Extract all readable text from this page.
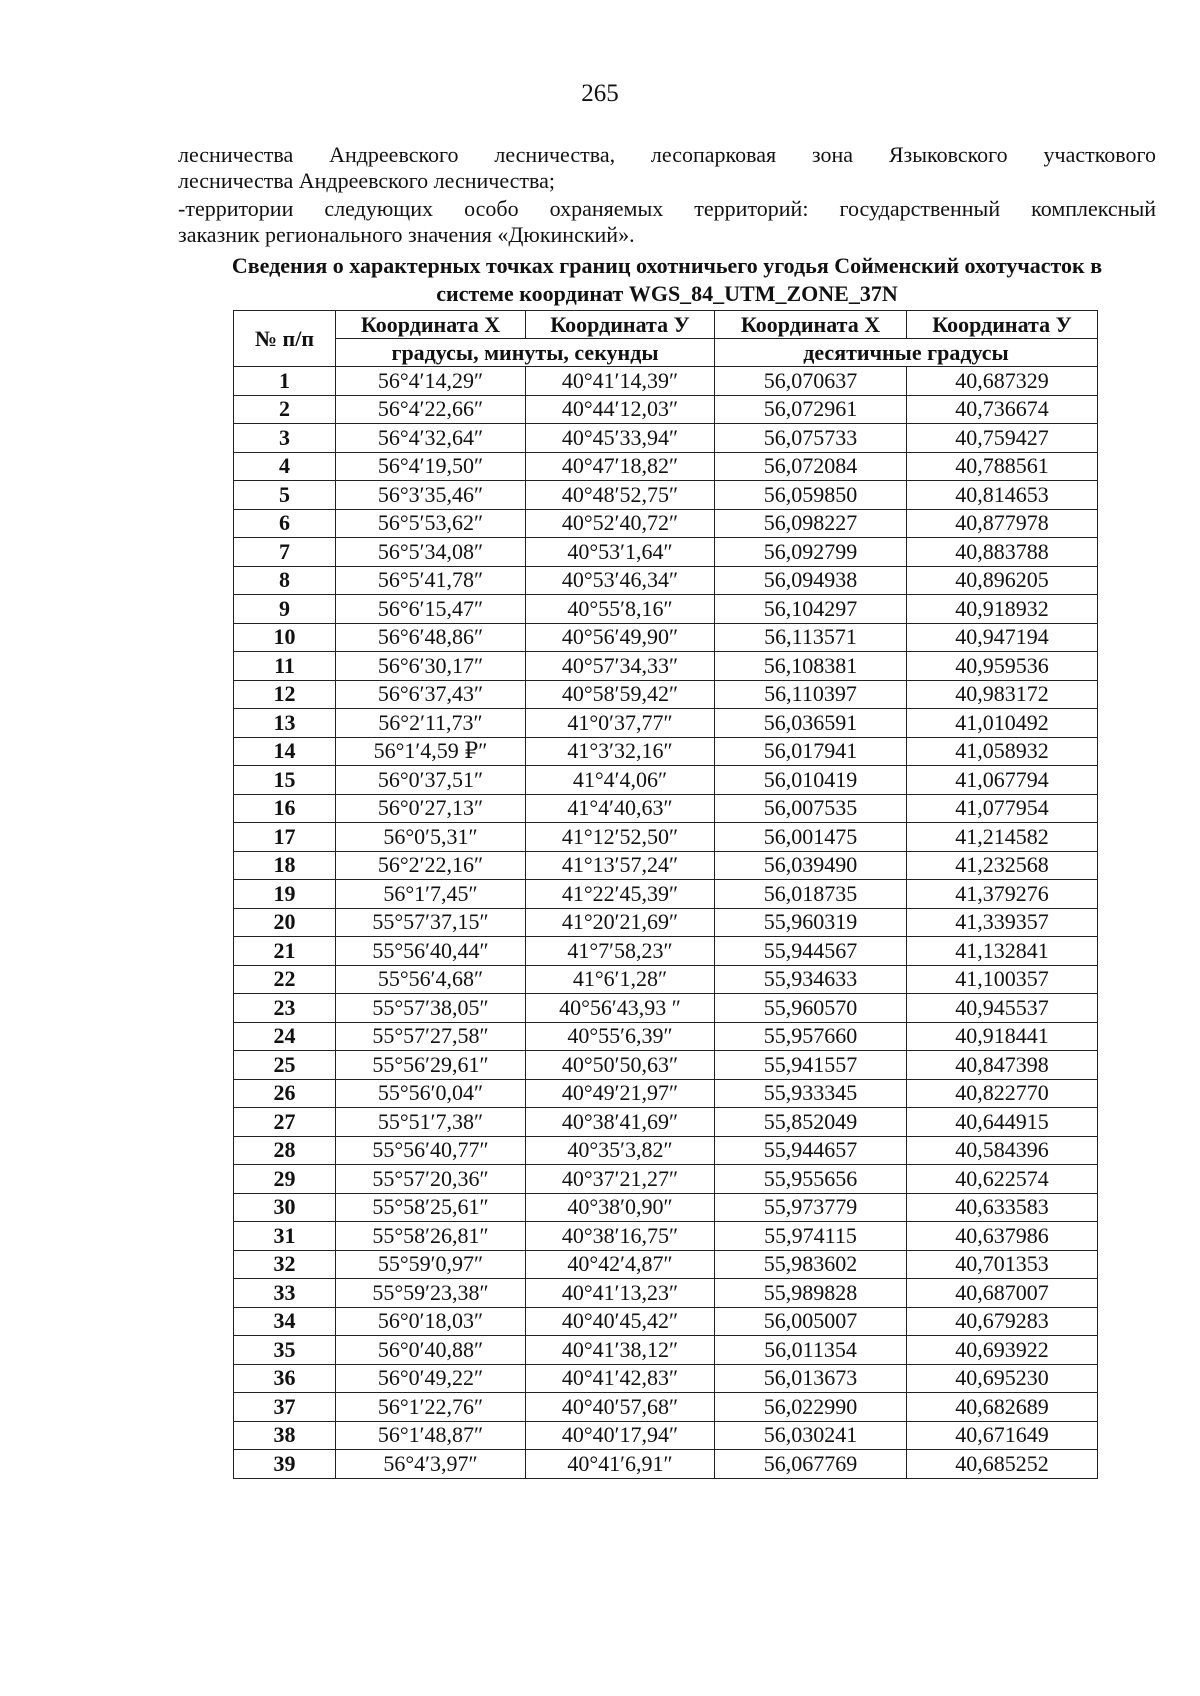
265
лесничества Андреевского лесничества, лесопарковая зона Языковского участкового
лесничества Андреевского лесничества;
-территории следующих особо охраняемых территорий: государственный комплексный
заказник регионального значения «Дюкинский».
Сведения о характерных точках границ охотничьего угодья Сойменский охотучасток в
системе координат WGS_84_UTM_ZONE_37N
№ п/п	Координата Х	Координата У	Координата Х	Координата У
	градусы, минуты, секунды		десятичные градусы	
1	56°4′14,29″	40°41′14,39″	56,070637	40,687329
2	56°4′22,66″	40°44′12,03″	56,072961	40,736674
3	56°4′32,64″	40°45′33,94″	56,075733	40,759427
4	56°4′19,50″	40°47′18,82″	56,072084	40,788561
5	56°3′35,46″	40°48′52,75″	56,059850	40,814653
6	56°5′53,62″	40°52′40,72″	56,098227	40,877978
7	56°5′34,08″	40°53′1,64″	56,092799	40,883788
8	56°5′41,78″	40°53′46,34″	56,094938	40,896205
9	56°6′15,47″	40°55′8,16″	56,104297	40,918932
10	56°6′48,86″	40°56′49,90″	56,113571	40,947194
11	56°6′30,17″	40°57′34,33″	56,108381	40,959536
12	56°6′37,43″	40°58′59,42″	56,110397	40,983172
13	56°2′11,73″	41°0′37,77″	56,036591	41,010492
14	56°1′4,59 ₽″	41°3′32,16″	56,017941	41,058932
15	56°0′37,51″	41°4′4,06″	56,010419	41,067794
16	56°0′27,13″	41°4′40,63″	56,007535	41,077954
17	56°0′5,31″	41°12′52,50″	56,001475	41,214582
18	56°2′22,16″	41°13′57,24″	56,039490	41,232568
19	56°1′7,45″	41°22′45,39″	56,018735	41,379276
20	55°57′37,15″	41°20′21,69″	55,960319	41,339357
21	55°56′40,44″	41°7′58,23″	55,944567	41,132841
22	55°56′4,68″	41°6′1,28″	55,934633	41,100357
23	55°57′38,05″	40°56′43,93 ″	55,960570	40,945537
24	55°57′27,58″	40°55′6,39″	55,957660	40,918441
25	55°56′29,61″	40°50′50,63″	55,941557	40,847398
26	55°56′0,04″	40°49′21,97″	55,933345	40,822770
27	55°51′7,38″	40°38′41,69″	55,852049	40,644915
28	55°56′40,77″	40°35′3,82″	55,944657	40,584396
29	55°57′20,36″	40°37′21,27″	55,955656	40,622574
30	55°58′25,61″	40°38′0,90″	55,973779	40,633583
31	55°58′26,81″	40°38′16,75″	55,974115	40,637986
32	55°59′0,97″	40°42′4,87″	55,983602	40,701353
33	55°59′23,38″	40°41′13,23″	55,989828	40,687007
34	56°0′18,03″	40°40′45,42″	56,005007	40,679283
35	56°0′40,88″	40°41′38,12″	56,011354	40,693922
36	56°0′49,22″	40°41′42,83″	56,013673	40,695230
37	56°1′22,76″	40°40′57,68″	56,022990	40,682689
38	56°1′48,87″	40°40′17,94″	56,030241	40,671649
39	56°4′3,97″	40°41′6,91″	56,067769	40,685252
